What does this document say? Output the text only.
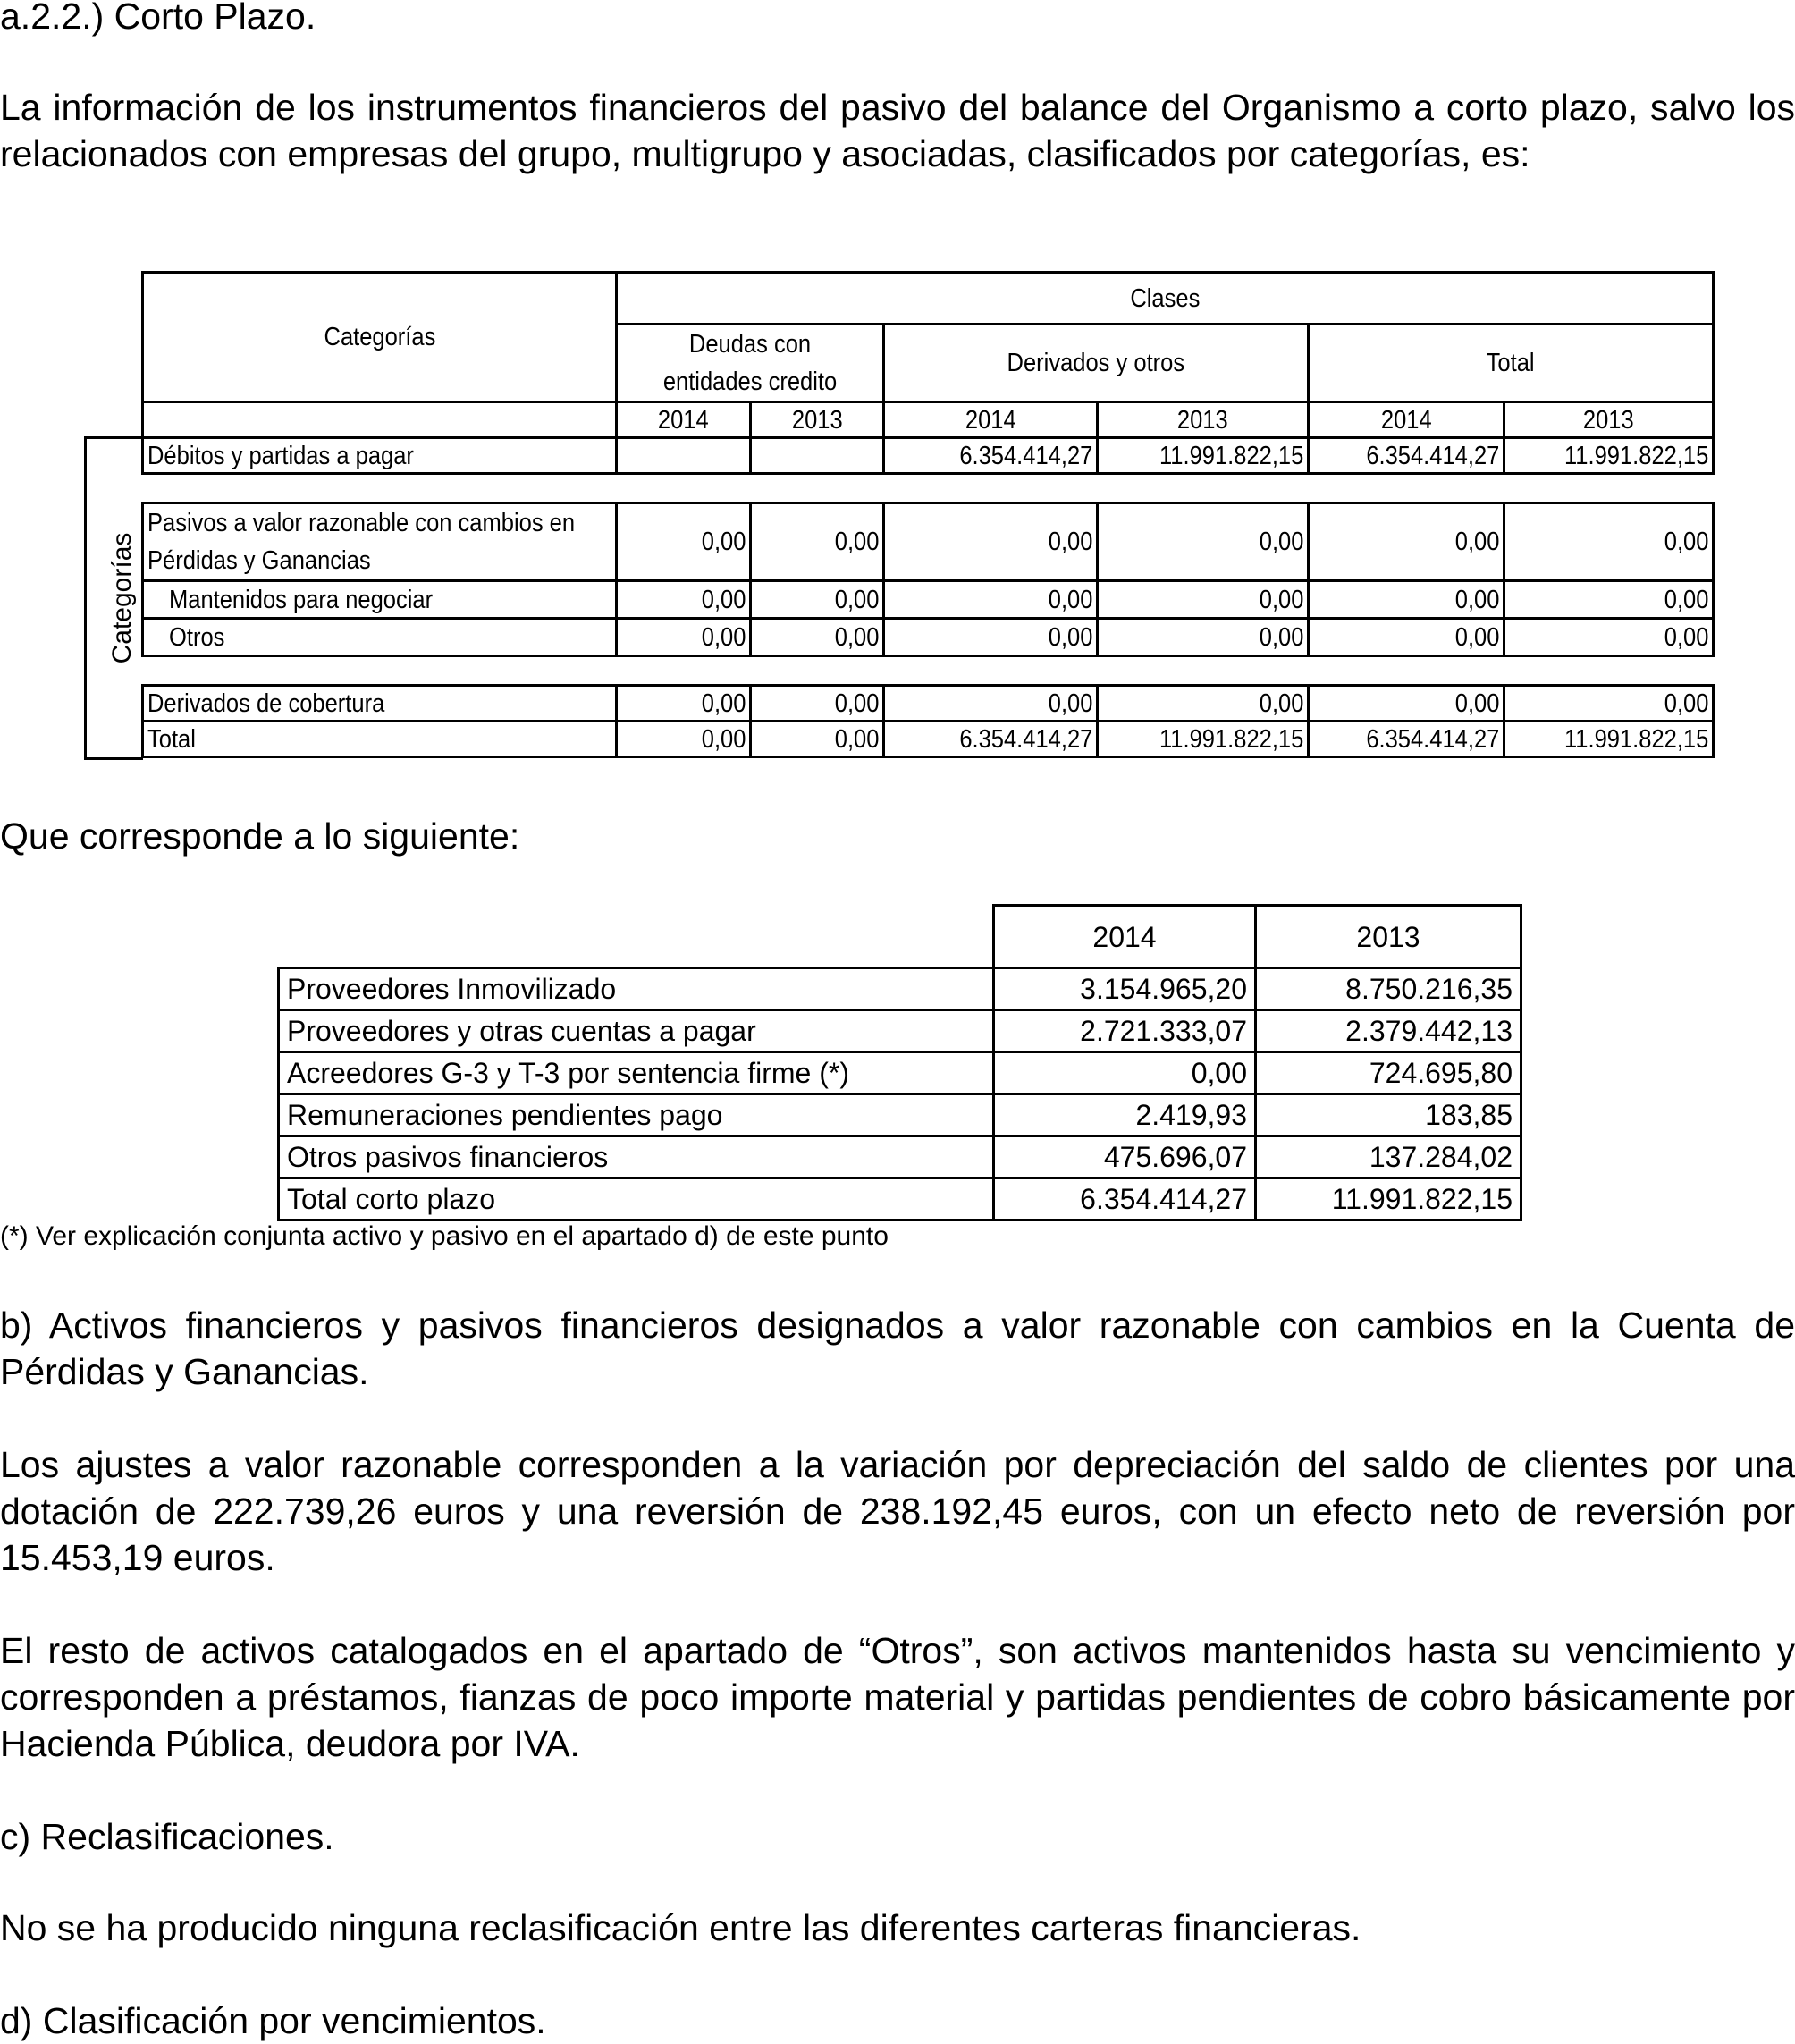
a.2.2.) Corto Plazo.

La información de los instrumentos financieros del pasivo del balance del Organismo a corto plazo, salvo los relacionados con empresas del grupo, multigrupo y asociadas, clasificados por categorías, es:

Categorías
Categorías	Clases					

	Deudas con entidades credito		Derivados y otros		Total	
	2014	2013	2014	2013	2014	2013
Débitos y partidas a pagar			6.354.414,27	11.991.822,15	6.354.414,27	11.991.822,15

Pasivos a valor razonable con cambios en Pérdidas y Ganancias	0,00	0,00	0,00	0,00	0,00	0,00
Mantenidos para negociar	0,00	0,00	0,00	0,00	0,00	0,00
Otros	0,00	0,00	0,00	0,00	0,00	0,00

Derivados de cobertura	0,00	0,00	0,00	0,00	0,00	0,00
Total	0,00	0,00	6.354.414,27	11.991.822,15	6.354.414,27	11.991.822,15

Que corresponde a lo siguiente:

	2014	2013
Proveedores Inmovilizado	3.154.965,20	8.750.216,35
Proveedores y otras cuentas a pagar	2.721.333,07	2.379.442,13
Acreedores G-3 y T-3 por sentencia firme (*)	0,00	724.695,80
Remuneraciones pendientes pago	2.419,93	183,85
Otros pasivos financieros	475.696,07	137.284,02
Total corto plazo	6.354.414,27	11.991.822,15
(*) Ver explicación conjunta activo y pasivo en el apartado d) de este punto

b) Activos financieros y pasivos financieros designados a valor razonable con cambios en la Cuenta de Pérdidas y Ganancias.

Los ajustes a valor razonable corresponden a la variación por depreciación del saldo de clientes por una dotación de 222.739,26 euros y una reversión de 238.192,45 euros, con un efecto neto de reversión por 15.453,19 euros.

El resto de activos catalogados en el apartado de “Otros”, son activos mantenidos hasta su vencimiento y corresponden a préstamos, fianzas de poco importe material y partidas pendientes de cobro básicamente por Hacienda Pública, deudora por IVA.

c) Reclasificaciones.

No se ha producido ninguna reclasificación entre las diferentes carteras financieras.

d) Clasificación por vencimientos.
